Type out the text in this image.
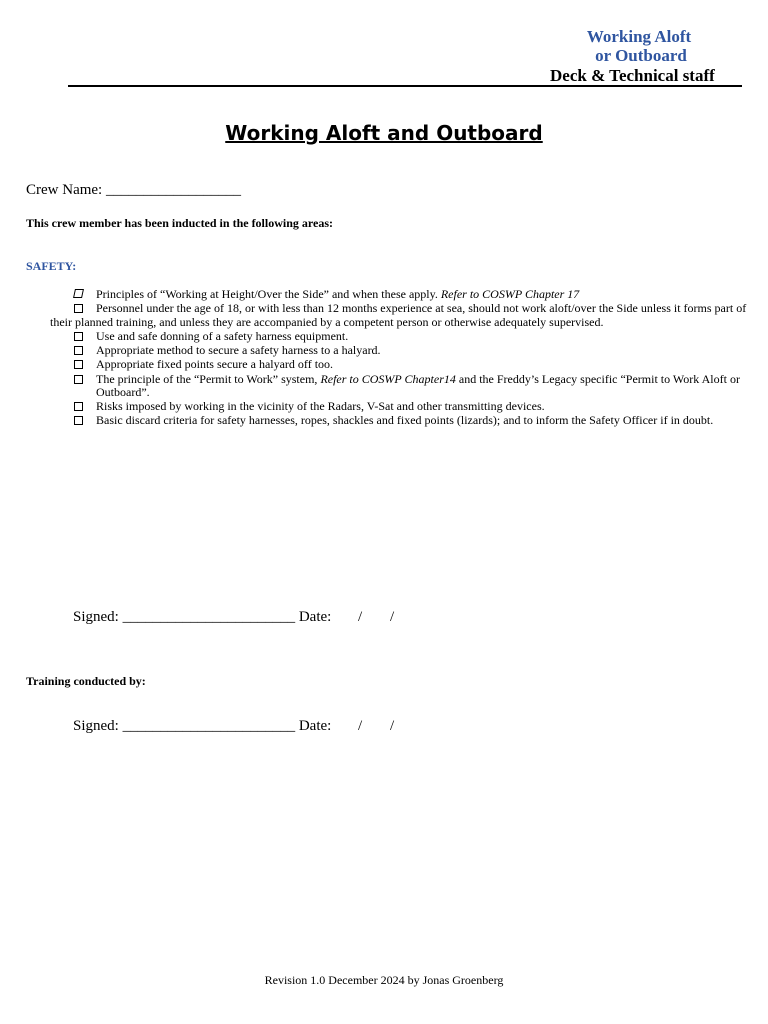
Working Aloft
or Outboard
Deck & Technical staff
Working Aloft and Outboard
Crew Name: __________________
This crew member has been inducted in the following areas:
SAFETY:
Principles of “Working at Height/Over the Side” and when these apply. Refer to COSWP Chapter 17
Personnel under the age of 18, or with less than 12 months experience at sea, should not work aloft/over the Side unless it forms part of
their planned training, and unless they are accompanied by a competent person or otherwise adequately supervised.
Use and safe donning of a safety harness equipment.
Appropriate method to secure a safety harness to a halyard.
Appropriate fixed points secure a halyard off too.
The principle of the “Permit to Work” system, Refer to COSWP Chapter14 and the Freddy’s Legacy specific “Permit to Work Aloft or
Outboard”.
Risks imposed by working in the vicinity of the Radars, V-Sat and other transmitting devices.
Basic discard criteria for safety harnesses, ropes, shackles and fixed points (lizards); and to inform the Safety Officer if in doubt.
Signed: _______________________ Date: / /
Training conducted by:
Signed: _______________________ Date: / /
Revision 1.0 December 2024 by Jonas Groenberg
